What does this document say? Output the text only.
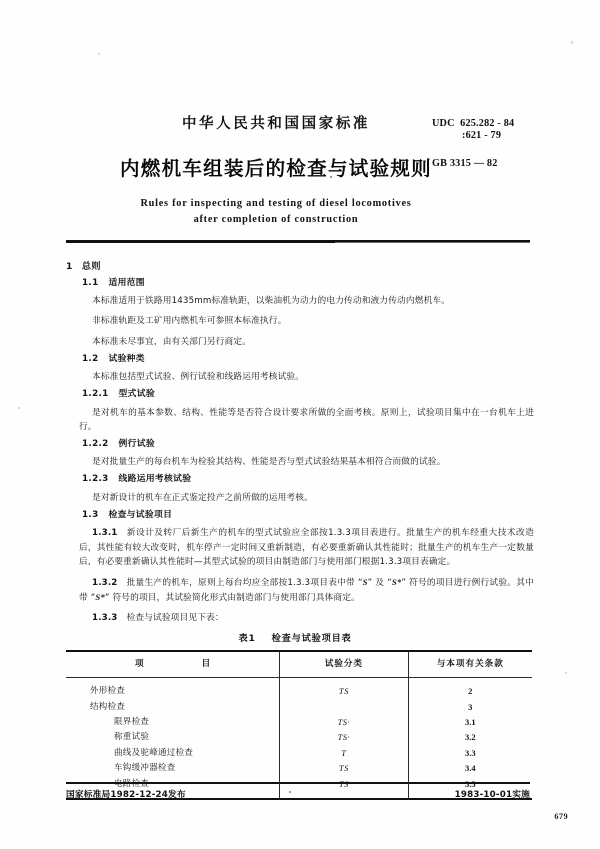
中华人民共和国国家标准
内燃机车组装后的检查与试验规则
Rules for inspecting and testing of diesel locomotives
after completion of construction
UDC  625.282 - 84
:621 - 79
GB 3315 — 82
1 总则
1.1 适用范围
本标准适用于铁路用1435mm标准轨距，以柴油机为动力的电力传动和液力传动内燃机车。
非标准轨距及工矿用内燃机车可参照本标准执行。
本标准未尽事宜，由有关部门另行商定。
1.2 试验种类
本标准包括型式试验、例行试验和线路运用考核试验。
1.2.1 型式试验
是对机车的基本参数、结构、性能等是否符合设计要求所做的全面考核。原则上，试验项目集中在一台机车上进行。
1.2.2 例行试验
是对批量生产的每台机车为检验其结构、性能是否与型式试验结果基本相符合而做的试验。
1.2.3 线路运用考核试验
是对新设计的机车在正式鉴定投产之前所做的运用考核。
1.3 检查与试验项目
1.3.1 新设计及转厂后新生产的机车的型式试验应全部按1.3.3项目表进行。批量生产的机车经重大技术改造后，其性能有较大改变时，机车停产一定时间又重新制造，有必要重新确认其性能时；批量生产的机车生产一定数量后，有必要重新确认其性能时—其型式试验的项目由制造部门与使用部门根据1.3.3项目表确定。
1.3.2 批量生产的机车，原则上每台均应全部按1.3.3项目表中带 “S” 及 “S*” 符号的项目进行例行试验。其中带 “S*” 符号的项目，其试验简化形式由制造部门与使用部门具体商定。
1.3.3 检查与试验项目见下表：
表1 检查与试验项目表
项 目	试验分类	与本项有关条款
外形检查	TS	2
结构检查		3
限界检查	TS·	3.1
称重试验	TS·	3.2
曲线及驼峰通过检查	T	3.3
车钩缓冲器检查	TS	3.4

国家标准局1982-12-24发布	1983-10-01实施
679
